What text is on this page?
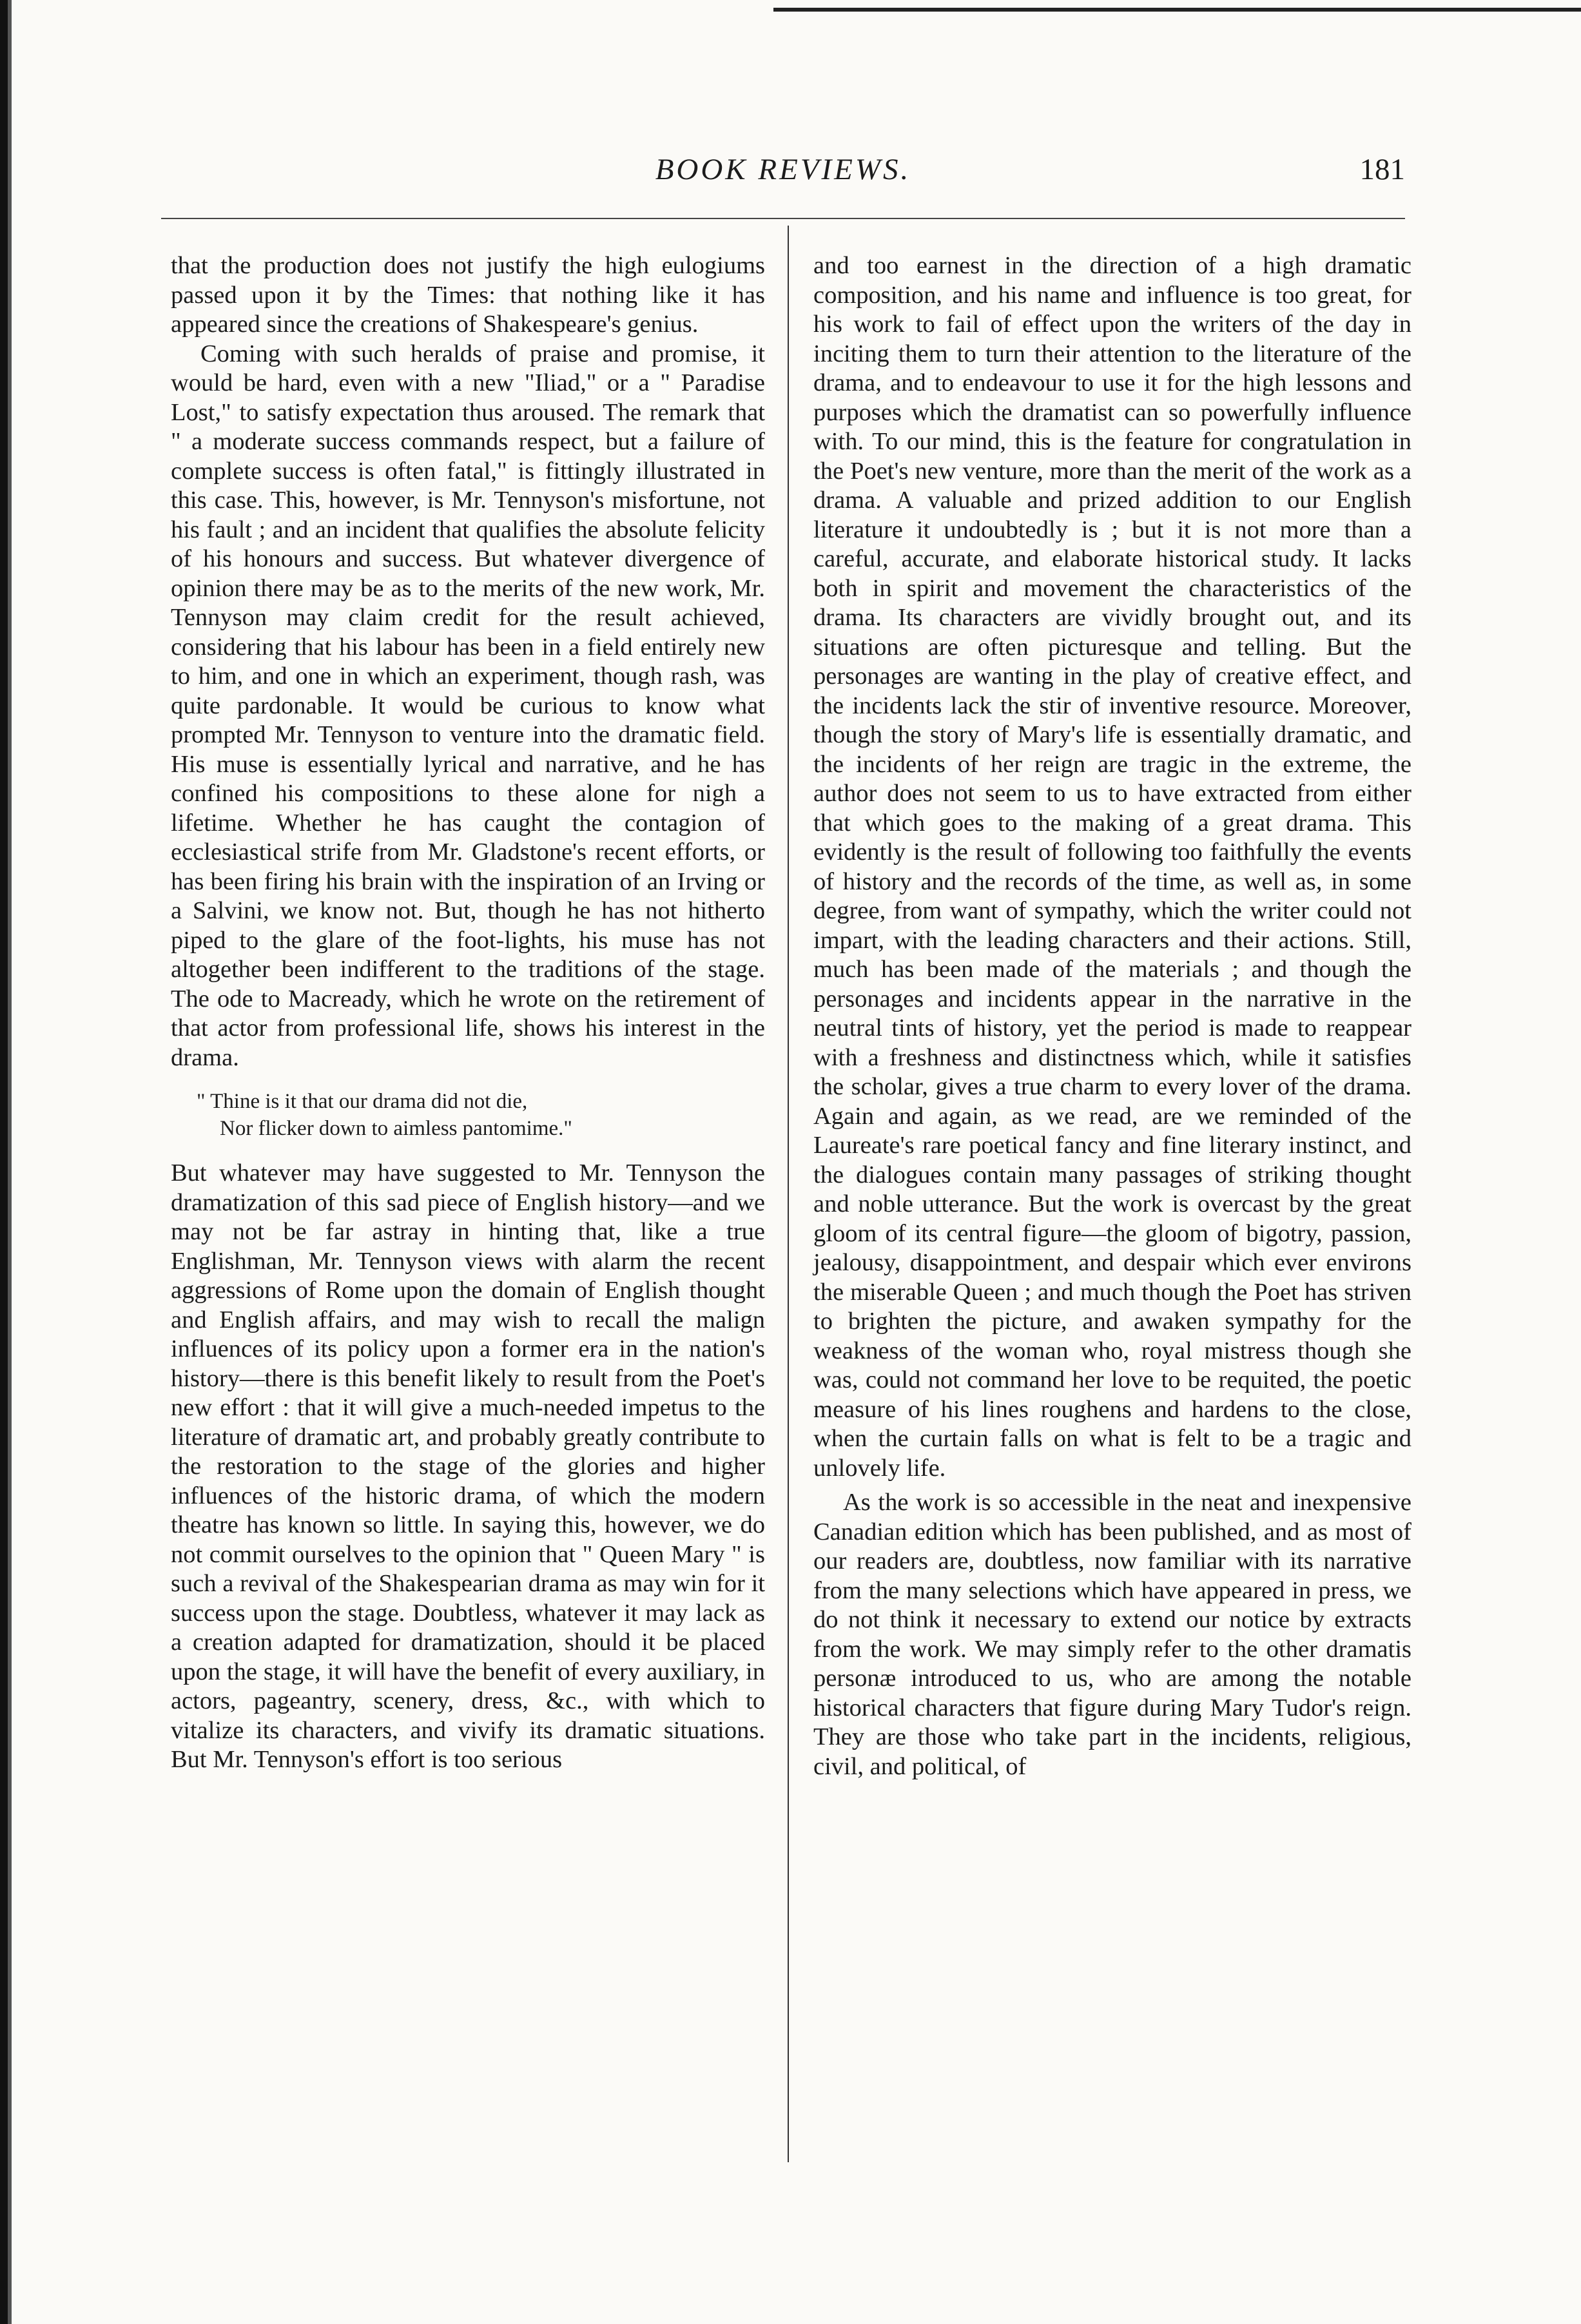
BOOK REVIEWS.	181

that the production does not justify the high eulogiums passed upon it by the Times: that nothing like it has appeared since the creations of Shakespeare's genius.

Coming with such heralds of praise and promise, it would be hard, even with a new "Iliad," or a " Paradise Lost," to satisfy expectation thus aroused. The remark that " a moderate success commands respect, but a failure of complete success is often fatal," is fittingly illustrated in this case. This, however, is Mr. Tennyson's misfortune, not his fault ; and an incident that qualifies the absolute felicity of his honours and success. But whatever divergence of opinion there may be as to the merits of the new work, Mr. Tennyson may claim credit for the result achieved, considering that his labour has been in a field entirely new to him, and one in which an experiment, though rash, was quite pardonable. It would be curious to know what prompted Mr. Tennyson to venture into the dramatic field. His muse is essentially lyrical and narrative, and he has confined his compositions to these alone for nigh a lifetime. Whether he has caught the contagion of ecclesiastical strife from Mr. Gladstone's recent efforts, or has been firing his brain with the inspiration of an Irving or a Salvini, we know not. But, though he has not hitherto piped to the glare of the foot-lights, his muse has not altogether been indifferent to the traditions of the stage. The ode to Macready, which he wrote on the retirement of that actor from professional life, shows his interest in the drama.

" Thine is it that our drama did not die,
Nor flicker down to aimless pantomime."

But whatever may have suggested to Mr. Tennyson the dramatization of this sad piece of English history—and we may not be far astray in hinting that, like a true Englishman, Mr. Tennyson views with alarm the recent aggressions of Rome upon the domain of English thought and English affairs, and may wish to recall the malign influences of its policy upon a former era in the nation's history—there is this benefit likely to result from the Poet's new effort : that it will give a much-needed impetus to the literature of dramatic art, and probably greatly contribute to the restoration to the stage of the glories and higher influences of the historic drama, of which the modern theatre has known so little. In saying this, however, we do not commit ourselves to the opinion that " Queen Mary " is such a revival of the Shakespearian drama as may win for it success upon the stage. Doubtless, whatever it may lack as a creation adapted for dramatization, should it be placed upon the stage, it will have the benefit of every auxiliary, in actors, pageantry, scenery, dress, &c., with which to vitalize its characters, and vivify its dramatic situations. But Mr. Tennyson's effort is too serious

and too earnest in the direction of a high dramatic composition, and his name and influence is too great, for his work to fail of effect upon the writers of the day in inciting them to turn their attention to the literature of the drama, and to endeavour to use it for the high lessons and purposes which the dramatist can so powerfully influence with. To our mind, this is the feature for congratulation in the Poet's new venture, more than the merit of the work as a drama. A valuable and prized addition to our English literature it undoubtedly is ; but it is not more than a careful, accurate, and elaborate historical study. It lacks both in spirit and movement the characteristics of the drama. Its characters are vividly brought out, and its situations are often picturesque and telling. But the personages are wanting in the play of creative effect, and the incidents lack the stir of inventive resource. Moreover, though the story of Mary's life is essentially dramatic, and the incidents of her reign are tragic in the extreme, the author does not seem to us to have extracted from either that which goes to the making of a great drama. This evidently is the result of following too faithfully the events of history and the records of the time, as well as, in some degree, from want of sympathy, which the writer could not impart, with the leading characters and their actions. Still, much has been made of the materials ; and though the personages and incidents appear in the narrative in the neutral tints of history, yet the period is made to reappear with a freshness and distinctness which, while it satisfies the scholar, gives a true charm to every lover of the drama. Again and again, as we read, are we reminded of the Laureate's rare poetical fancy and fine literary instinct, and the dialogues contain many passages of striking thought and noble utterance. But the work is overcast by the great gloom of its central figure—the gloom of bigotry, passion, jealousy, disappointment, and despair which ever environs the miserable Queen ; and much though the Poet has striven to brighten the picture, and awaken sympathy for the weakness of the woman who, royal mistress though she was, could not command her love to be requited, the poetic measure of his lines roughens and hardens to the close, when the curtain falls on what is felt to be a tragic and unlovely life.

As the work is so accessible in the neat and inexpensive Canadian edition which has been published, and as most of our readers are, doubtless, now familiar with its narrative from the many selections which have appeared in press, we do not think it necessary to extend our notice by extracts from the work. We may simply refer to the other dramatis personæ introduced to us, who are among the notable historical characters that figure during Mary Tudor's reign. They are those who take part in the incidents, religious, civil, and political, of
